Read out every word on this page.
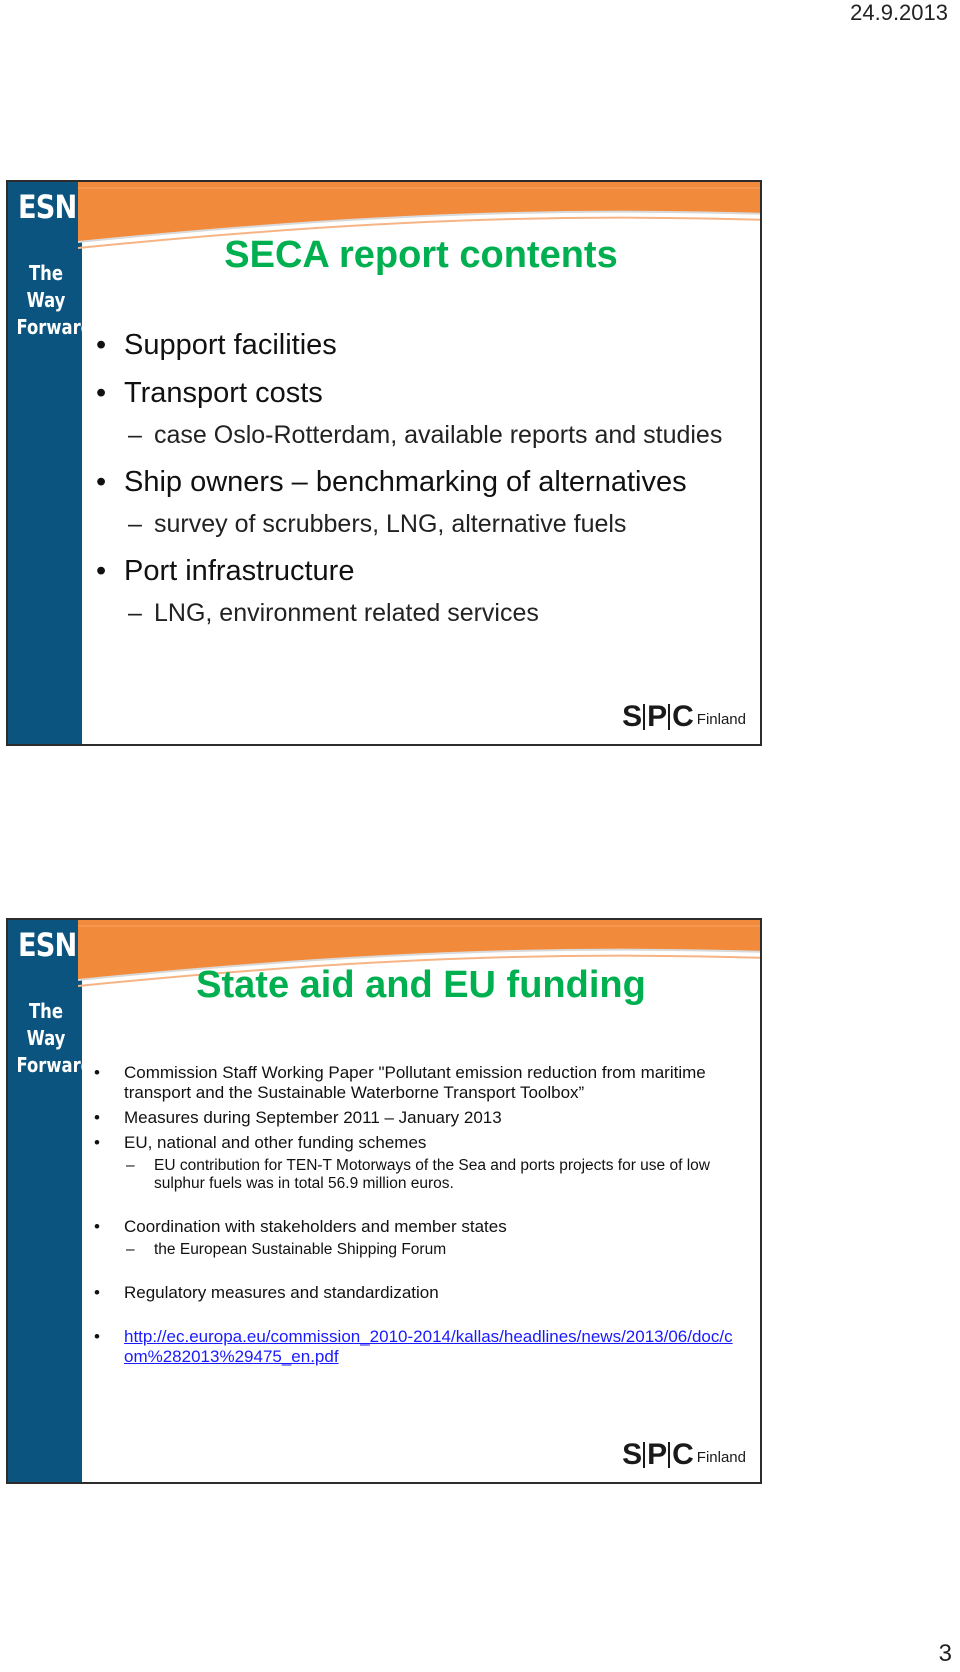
24.9.2013
ESN
The
Way
Forward
SECA report contents
• Support facilities
• Transport costs
– case Oslo-Rotterdam, available reports and studies
• Ship owners – benchmarking of alternatives
– survey of scrubbers, LNG, alternative fuels
• Port infrastructure
– LNG, environment related services
S P C Finland
ESN
The
Way
Forward
State aid and EU funding
• Commission Staff Working Paper "Pollutant emission reduction from maritime transport and the Sustainable Waterborne Transport Toolbox”
• Measures during September 2011 – January 2013
• EU, national and other funding schemes
– EU contribution for TEN-T Motorways of the Sea and ports projects for use of low sulphur fuels was in total 56.9 million euros.
• Coordination with stakeholders and member states
– the European Sustainable Shipping Forum
• Regulatory measures and standardization
• http://ec.europa.eu/commission_2010-2014/kallas/headlines/news/2013/06/doc/com%282013%29475_en.pdf
S P C Finland
3
